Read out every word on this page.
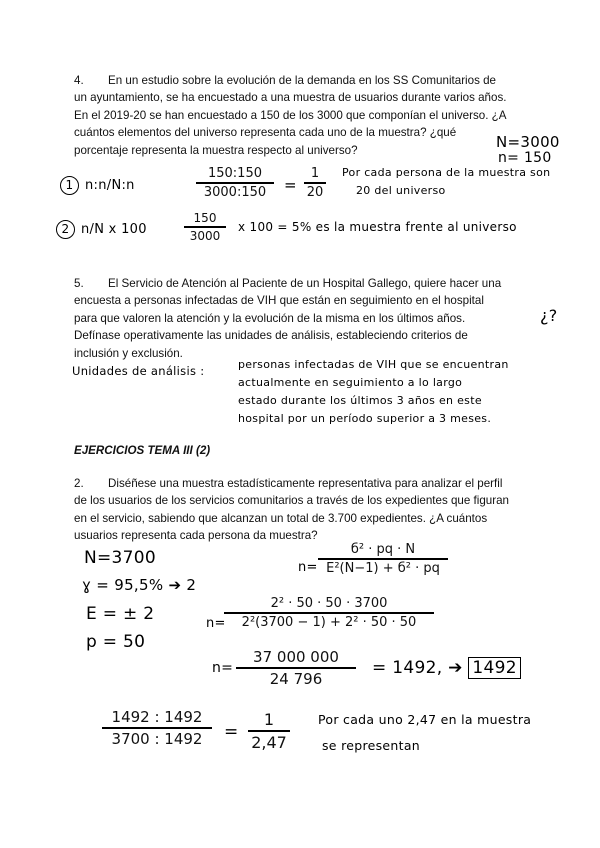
4. En un estudio sobre la evolución de la demanda en los SS Comunitarios de
un ayuntamiento, se ha encuestado a una muestra de usuarios durante varios años.
En el 2019-20 se han encuestado a 150 de los 3000 que componían el universo. ¿A
cuántos elementos del universo representa cada uno de la muestra? ¿qué
porcentaje representa la muestra respecto al universo?	N=3000
n= 150
1 n:n/N:n
150:150
3000:150	=
1
20
Por cada persona de la muestra son
20 del universo
2 n/N x 100
150
3000
x 100 = 5% es la muestra frente al universo
5. El Servicio de Atención al Paciente de un Hospital Gallego, quiere hacer una
encuesta a personas infectadas de VIH que están en seguimiento en el hospital
para que valoren la atención y la evolución de la misma en los últimos años.
Defínase operativamente las unidades de análisis, estableciendo criterios de
inclusión y exclusión.
¿?
Unidades de análisis :	personas infectadas de VIH que se encuentran
actualmente en seguimiento a lo largo
estado durante los últimos 3 años en este
hospital por un período superior a 3 meses.
EJERCICIOS TEMA III (2)
2. Diséñese una muestra estadísticamente representativa para analizar el perfil
de los usuarios de los servicios comunitarios a través de los expedientes que figuran
en el servicio, sabiendo que alcanzan un total de 3.700 expedientes. ¿A cuántos
usuarios representa cada persona da muestra?
N=3700
ɣ = 95,5% ➔ 2
E = ± 2
p = 50
n=
б² · pq · N
E²(N−1) + б² · pq
n=
2² · 50 · 50 · 3700
2²(3700 − 1) + 2² · 50 · 50
n=
37 000 000
24 796
= 1492, ➔ 1492
1492 : 1492
3700 : 1492	=
1
2,47
Por cada uno 2,47 en la muestra
se representan
